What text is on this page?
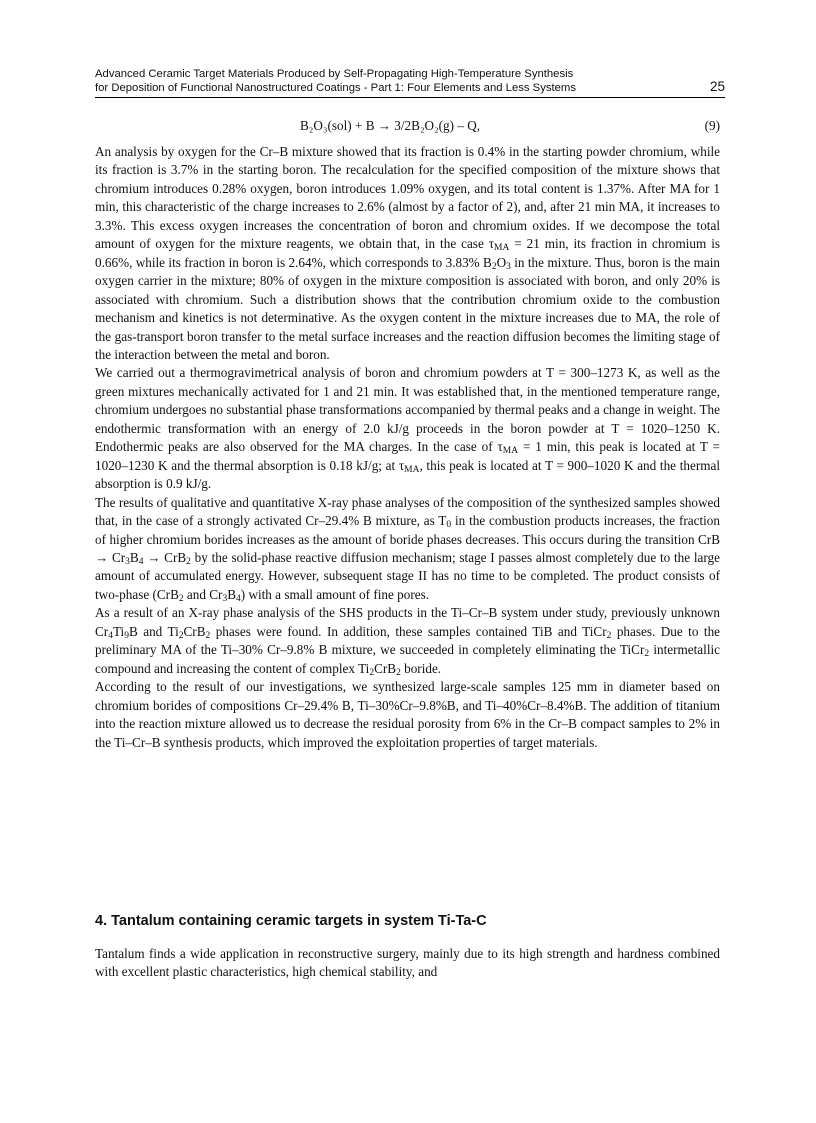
Advanced Ceramic Target Materials Produced by Self-Propagating High-Temperature Synthesis
for Deposition of Functional Nanostructured Coatings - Part 1: Four Elements and Less Systems	25
B₂O₃(sol) + B → 3/2B₂O₂(g) – Q,	(9)

An analysis by oxygen for the Cr–B mixture showed that its fraction is 0.4% in the starting powder chromium, while its fraction is 3.7% in the starting boron. The recalculation for the specified composition of the mixture shows that chromium introduces 0.28% oxygen, boron introduces 1.09% oxygen, and its total content is 1.37%. After MA for 1 min, this characteristic of the charge increases to 2.6% (almost by a factor of 2), and, after 21 min MA, it increases to 3.3%. This excess oxygen increases the concentration of boron and chromium oxides. If we decompose the total amount of oxygen for the mixture reagents, we obtain that, in the case $\tau_{MA} = 21$ min, its fraction in chromium is 0.66%, while its fraction in boron is 2.64%, which corresponds to 3.83% $B_2O_3$ in the mixture. Thus, boron is the main oxygen carrier in the mixture; 80% of oxygen in the mixture composition is associated with boron, and only 20% is associated with chromium. Such a distribution shows that the contribution chromium oxide to the combustion mechanism and kinetics is not determinative. As the oxygen content in the mixture increases due to MA, the role of the gas-transport boron transfer to the metal surface increases and the reaction diffusion becomes the limiting stage of the interaction between the metal and boron.

We carried out a thermogravimetrical analysis of boron and chromium powders at T = 300–1273 K, as well as the green mixtures mechanically activated for 1 and 21 min. It was established that, in the mentioned temperature range, chromium undergoes no substantial phase transformations accompanied by thermal peaks and a change in weight. The endothermic transformation with an energy of 2.0 kJ/g proceeds in the boron powder at T = 1020–1250 K. Endothermic peaks are also observed for the MA charges. In the case of $\tau_{MA} = 1$ min, this peak is located at T = 1020–1230 K and the thermal absorption is 0.18 kJ/g; at $\tau_{MA}$, this peak is located at T = 900–1020 K and the thermal absorption is 0.9 kJ/g.

The results of qualitative and quantitative X-ray phase analyses of the composition of the synthesized samples showed that, in the case of a strongly activated Cr–29.4% B mixture, as $T_0$ in the combustion products increases, the fraction of higher chromium borides increases as the amount of boride phases decreases. This occurs during the transition CrB → $Cr_3B_4 \to CrB_2$ by the solid-phase reactive diffusion mechanism; stage I passes almost completely due to the large amount of accumulated energy. However, subsequent stage II has no time to be completed. The product consists of two-phase (CrB$_2$ and $Cr_3B_4$) with a small amount of fine pores.

As a result of an X-ray phase analysis of the SHS products in the Ti–Cr–B system under study, previously unknown $Cr_4Ti_9B$ and $Ti_2CrB_2$ phases were found. In addition, these samples contained TiB and TiCr$_2$ phases. Due to the preliminary MA of the Ti–30% Cr–9.8% B mixture, we succeeded in completely eliminating the TiCr$_2$ intermetallic compound and increasing the content of complex $Ti_2CrB_2$ boride.

According to the result of our investigations, we synthesized large-scale samples 125 mm in diameter based on chromium borides of compositions Cr–29.4% B, Ti–30%Cr–9.8%B, and Ti–40%Cr–8.4%B. The addition of titanium into the reaction mixture allowed us to decrease the residual porosity from 6% in the Cr–B compact samples to 2% in the Ti–Cr–B synthesis products, which improved the exploitation properties of target materials.

4. Tantalum containing ceramic targets in system Ti-Ta-C

Tantalum finds a wide application in reconstructive surgery, mainly due to its high strength and hardness combined with excellent plastic characteristics, high chemical stability, and
